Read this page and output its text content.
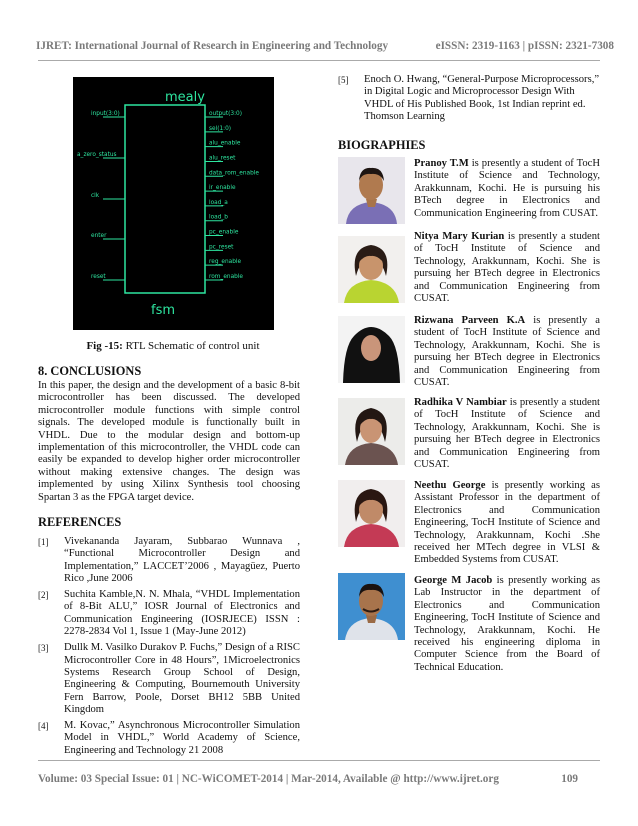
IJRET: International Journal of Research in Engineering and Technology	eISSN: 2319-1163 | pISSN: 2321-7308
mealy
fsm
input(3:0)
a_zero_status
clk
enter
reset
output(3:0)
sel(1:0)
alu_enable
alu_reset
data_rom_enable
ir_enable
load_a
load_b
pc_enable
pc_reset
reg_enable
rom_enable
Fig -15: RTL Schematic of control unit
8. CONCLUSIONS

In this paper, the design and the development of a basic 8-bit microcontroller has been discussed. The developed microcontroller module functions with simple control signals. The developed module is functionally built in VHDL. Due to the modular design and bottom-up implementation of this microcontroller, the VHDL code can easily be expanded to develop higher order microcontroller without making extensive changes. The design was implemented by using Xilinx Synthesis tool choosing Spartan 3 as the FPGA target device.

REFERENCES
[1]	Vivekananda Jayaram, Subbarao Wunnava , “Functional Microcontroller Design and Implementation,” LACCET’2006 , Mayagüez, Puerto Rico ,June 2006
[2]	Suchita Kamble,N. N. Mhala, “VHDL Implementation of 8-Bit ALU,” IOSR Journal of Electronics and Communication Engineering (IOSRJECE) ISSN : 2278-2834 Vol 1, Issue 1 (May-June 2012)
[3]	Dullk M. Vasilko Durakov P. Fuchs,” Design of a RISC Microcontroller Core in 48 Hours”, 1Microelectronics Systems Research Group School of Design, Engineering & Computing, Bournemouth University Fern Barrow, Poole, Dorset BH12 5BB United Kingdom
[4]	M. Kovac,” Asynchronous Microcontroller Simulation Model in VHDL,” World Academy of Science, Engineering and Technology 21 2008
[5]	Enoch O. Hwang, “General-Purpose Microprocessors,” in Digital Logic and Microprocessor Design With VHDL of His Published Book, 1st Indian reprint ed. Thomson Learning
BIOGRAPHIES
Pranoy T.M is presently a student of TocH Institute of Science and Technology, Arakkunnam, Kochi. He is pursuing his BTech degree in Electronics and Communication Engineering from CUSAT.
Nitya Mary Kurian is presently a student of TocH Institute of Science and Technology, Arakkunnam, Kochi. She is pursuing her BTech degree in Electronics and Communication Engineering from CUSAT.
Rizwana Parveen K.A is presently a student of TocH Institute of Science and Technology, Arakkunnam, Kochi. She is pursuing her BTech degree in Electronics and Communication Engineering from CUSAT.
Radhika V Nambiar is presently a student of TocH Institute of Science and Technology, Arakkunnam, Kochi. She is pursuing her BTech degree in Electronics and Communication Engineering from CUSAT.
Neethu George is presently working as Assistant Professor in the department of Electronics and Communication Engineering, TocH Institute of Science and Technology, Arakkunnam, Kochi .She received her MTech degree in VLSI & Embedded Systems from CUSAT.
George M Jacob is presently working as Lab Instructor in the department of Electronics and Communication Engineering, TocH Institute of Science and Technology, Arakkunnam, Kochi. He received his engineering diploma in Computer Science from the Board of Technical Education.
Volume: 03 Special Issue: 01 | NC-WiCOMET-2014 | Mar-2014, Available @ http://www.ijret.org	109
